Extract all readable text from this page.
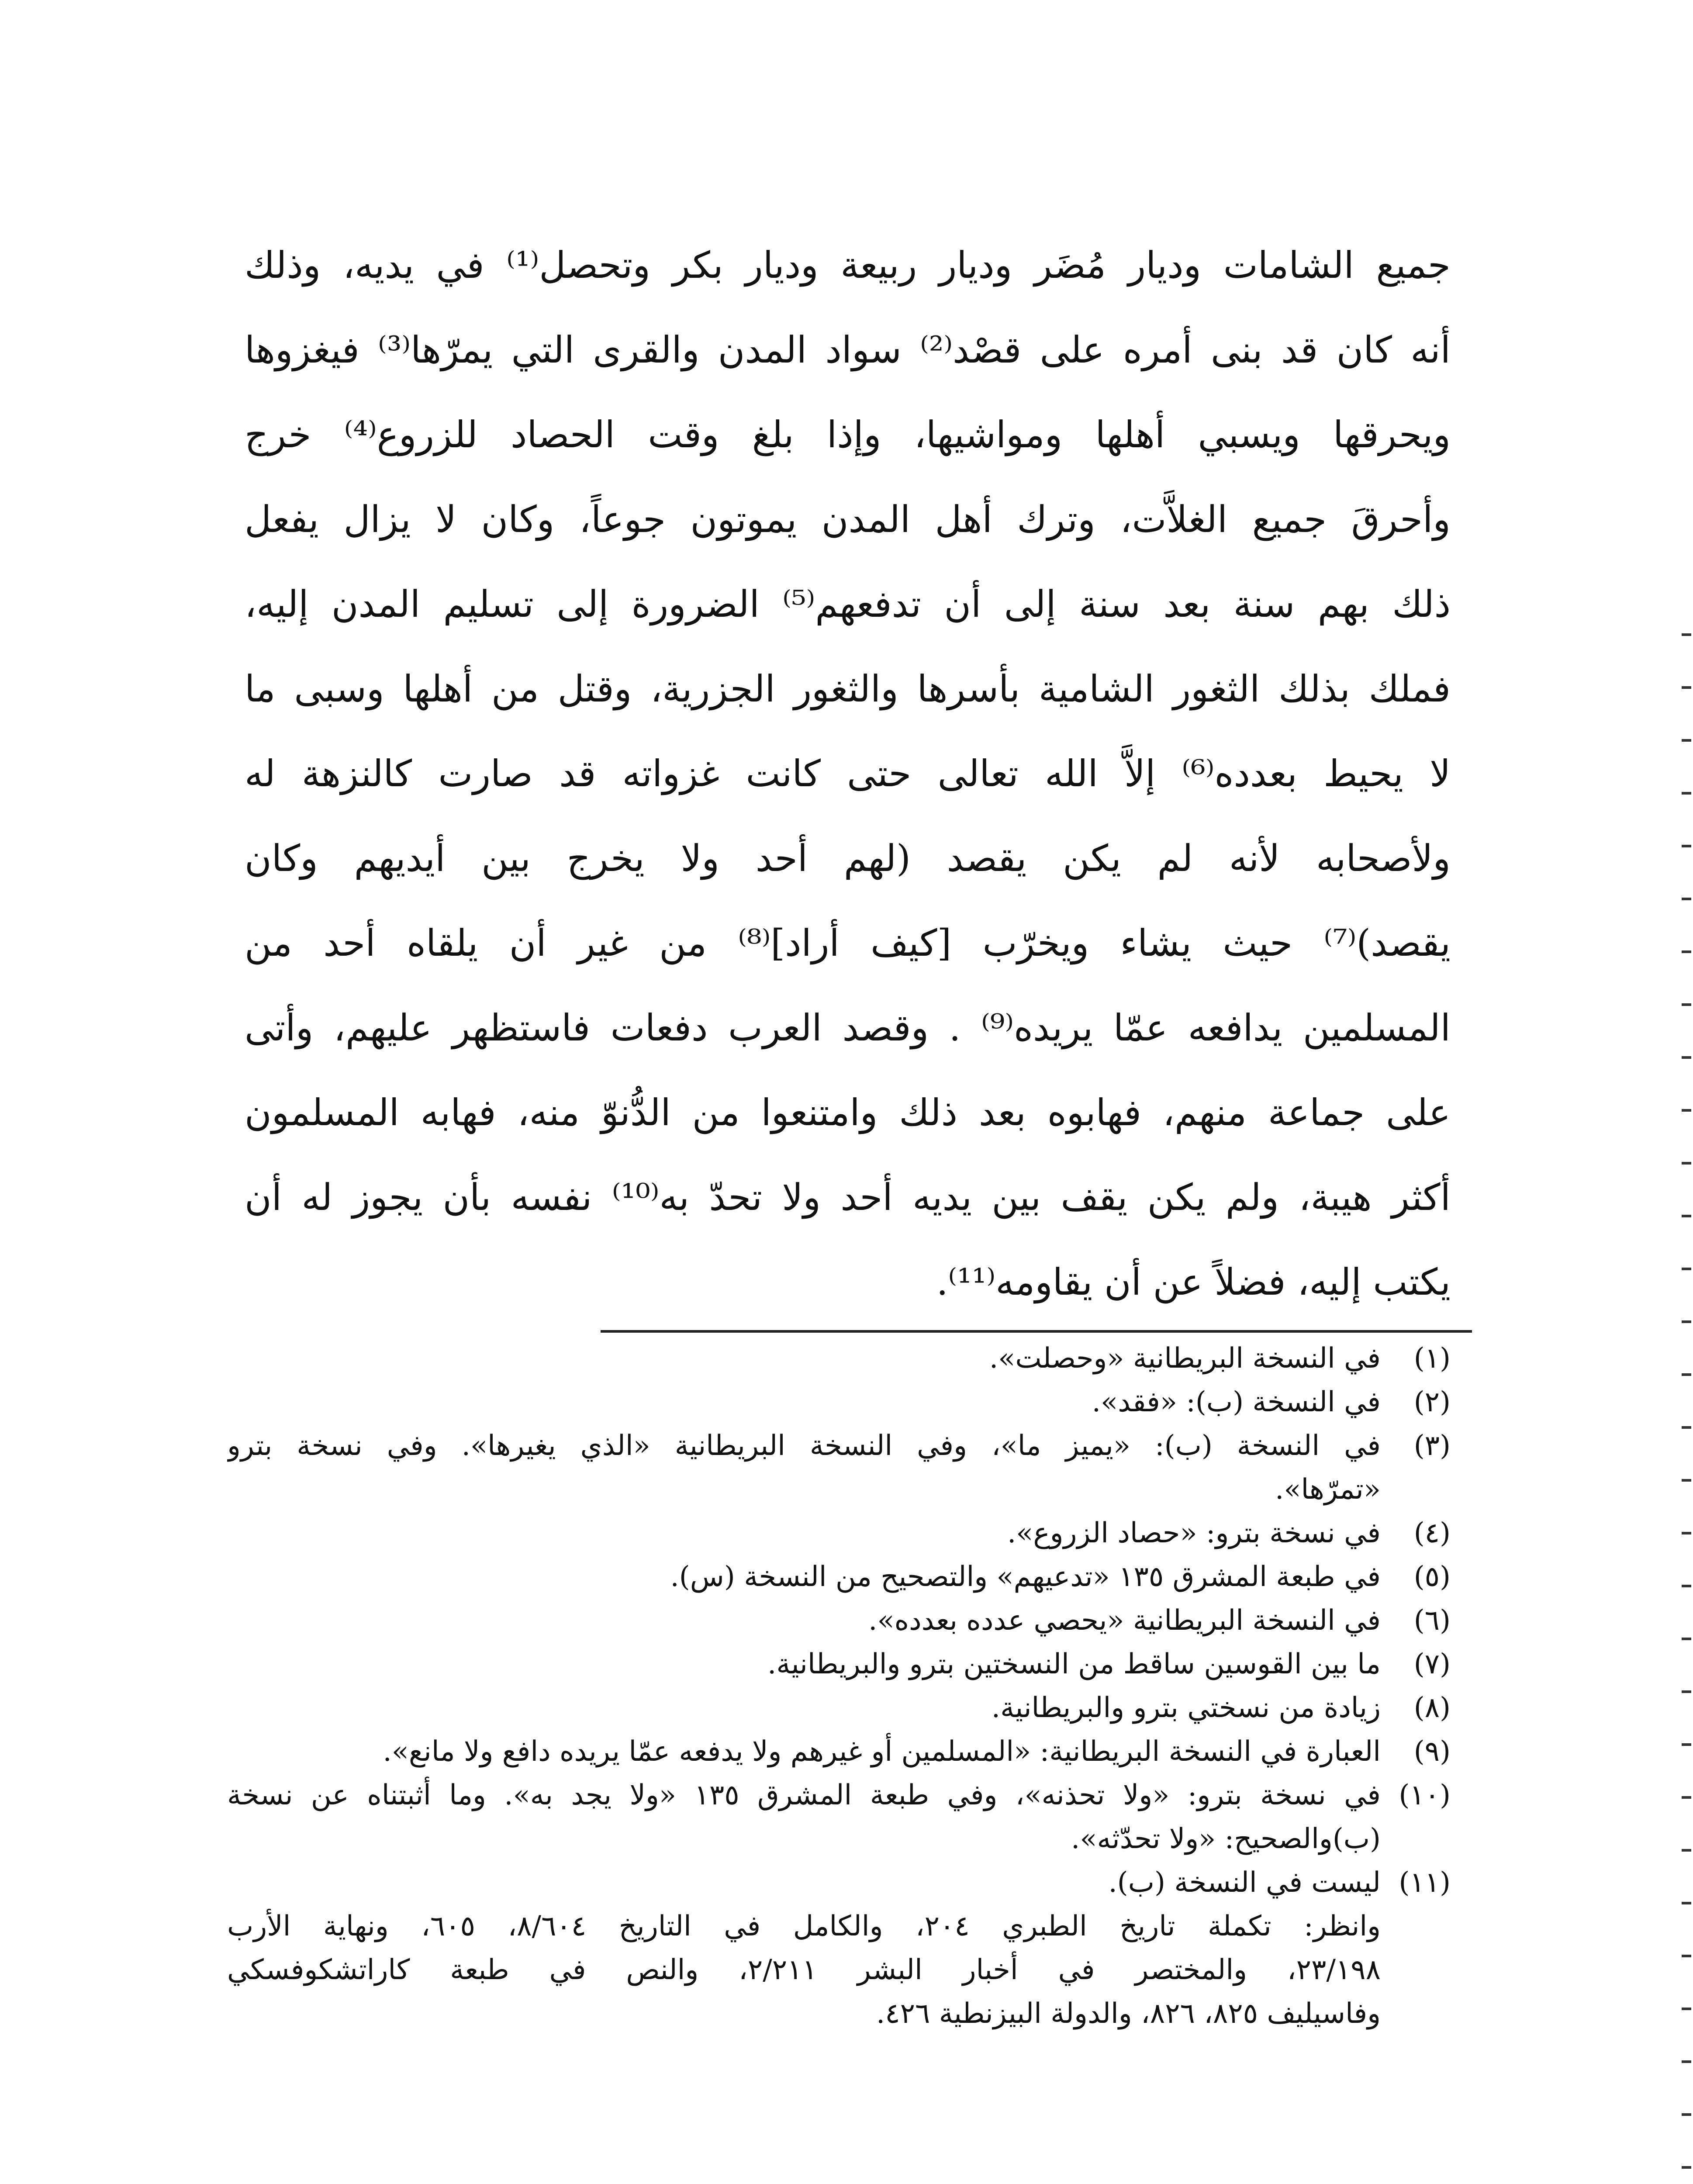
جميع الشامات وديار مُضَر وديار ربيعة وديار بكر وتحصل⁽¹⁾ في يديه، وذلك
أنه كان قد بنى أمره على قصْد⁽²⁾ سواد المدن والقرى التي يمرّها⁽³⁾ فيغزوها
ويحرقها ويسبي أهلها ومواشيها، وإذا بلغ وقت الحصاد للزروع⁽⁴⁾ خرج
وأحرقَ جميع الغلاَّت، وترك أهل المدن يموتون جوعاً، وكان لا يزال يفعل
ذلك بهم سنة بعد سنة إلى أن تدفعهم⁽⁵⁾ الضرورة إلى تسليم المدن إليه،
فملك بذلك الثغور الشامية بأسرها والثغور الجزرية، وقتل من أهلها وسبى ما
لا يحيط بعدده⁽⁶⁾ إلاَّ الله تعالى حتى كانت غزواته قد صارت كالنزهة له
ولأصحابه لأنه لم يكن يقصد (لهم أحد ولا يخرج بين أيديهم وكان
يقصد)⁽⁷⁾ حيث يشاء ويخرّب [كيف أراد]⁽⁸⁾ من غير أن يلقاه أحد من
المسلمين يدافعه عمّا يريده⁽⁹⁾ . وقصد العرب دفعات فاستظهر عليهم، وأتى
على جماعة منهم، فهابوه بعد ذلك وامتنعوا من الدُّنوّ منه، فهابه المسلمون
أكثر هيبة، ولم يكن يقف بين يديه أحد ولا تحدّ به⁽¹⁰⁾ نفسه بأن يجوز له أن
يكتب إليه، فضلاً عن أن يقاومه⁽¹¹⁾.
(١)
في النسخة البريطانية «وحصلت».
(٢)
في النسخة (ب): «فقد».
(٣)
في النسخة (ب): «يميز ما»، وفي النسخة البريطانية «الذي يغيرها». وفي نسخة بترو
«تمرّها».
(٤)
في نسخة بترو: «حصاد الزروع».
(٥)
في طبعة المشرق ١٣٥ «تدعيهم» والتصحيح من النسخة (س).
(٦)
في النسخة البريطانية «يحصي عدده بعدده».
(٧)
ما بين القوسين ساقط من النسختين بترو والبريطانية.
(٨)
زيادة من نسختي بترو والبريطانية.
(٩)
العبارة في النسخة البريطانية: «المسلمين أو غيرهم ولا يدفعه عمّا يريده دافع ولا مانع».
(١٠)
في نسخة بترو: «ولا تحذنه»، وفي طبعة المشرق ١٣٥ «ولا يجد به». وما أثبتناه عن نسخة
(ب)والصحيح: «ولا تحدّثه».
(١١)
ليست في النسخة (ب).
وانظر: تكملة تاريخ الطبري ٢٠٤، والكامل في التاريخ ٨/٦٠٤، ٦٠٥، ونهاية الأرب
٢٣/١٩٨، والمختصر في أخبار البشر ٢/٢١١، والنص في طبعة كاراتشكوفسكي
وفاسيليف ٨٢٥، ٨٢٦، والدولة البيزنطية ٤٢٦.
